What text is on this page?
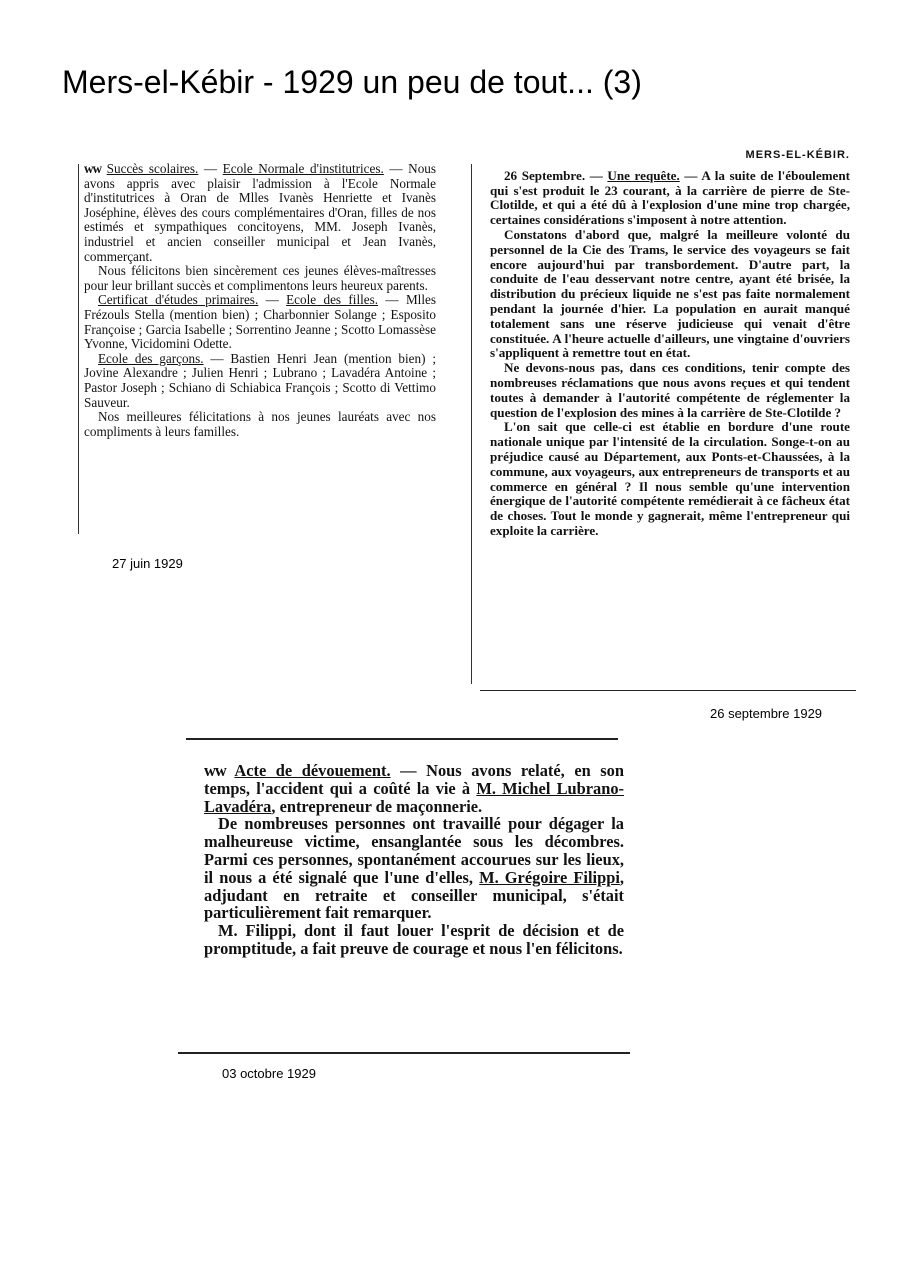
Mers-el-Kébir - 1929 un peu de tout... (3)

ww Succès scolaires. — Ecole Normale d'institutrices. — Nous avons appris avec plaisir l'admission à l'Ecole Normale d'institutrices à Oran de Mlles Ivanès Henriette et Ivanès Joséphine, élèves des cours complémentaires d'Oran, filles de nos estimés et sympathiques concitoyens, MM. Joseph Ivanès, industriel et ancien conseiller municipal et Jean Ivanès, commerçant.

Nous félicitons bien sincèrement ces jeunes élèves-maîtresses pour leur brillant succès et complimentons leurs heureux parents.

Certificat d'études primaires. — Ecole des filles. — Mlles Frézouls Stella (mention bien) ; Charbonnier Solange ; Esposito Françoise ; Garcia Isabelle ; Sorrentino Jeanne ; Scotto Lomassèse Yvonne, Vicidomini Odette.

Ecole des garçons. — Bastien Henri Jean (mention bien) ; Jovine Alexandre ; Julien Henri ; Lubrano ; Lavadéra Antoine ; Pastor Joseph ; Schiano di Schiabica François ; Scotto di Vettimo Sauveur.

Nos meilleures félicitations à nos jeunes lauréats avec nos compliments à leurs familles.

27 juin 1929
MERS-EL-KÉBIR.

26 Septembre. — Une requête. — A la suite de l'éboulement qui s'est produit le 23 courant, à la carrière de pierre de Ste-Clotilde, et qui a été dû à l'explosion d'une mine trop chargée, certaines considérations s'imposent à notre attention.

Constatons d'abord que, malgré la meilleure volonté du personnel de la Cie des Trams, le service des voyageurs se fait encore aujourd'hui par transbordement. D'autre part, la conduite de l'eau desservant notre centre, ayant été brisée, la distribution du précieux liquide ne s'est pas faite normalement pendant la journée d'hier. La population en aurait manqué totalement sans une réserve judicieuse qui venait d'être constituée. A l'heure actuelle d'ailleurs, une vingtaine d'ouvriers s'appliquent à remettre tout en état.

Ne devons-nous pas, dans ces conditions, tenir compte des nombreuses réclamations que nous avons reçues et qui tendent toutes à demander à l'autorité compétente de réglementer la question de l'explosion des mines à la carrière de Ste-Clotilde ?

L'on sait que celle-ci est établie en bordure d'une route nationale unique par l'intensité de la circulation. Songe-t-on au préjudice causé au Département, aux Ponts-et-Chaussées, à la commune, aux voyageurs, aux entrepreneurs de transports et au commerce en général ? Il nous semble qu'une intervention énergique de l'autorité compétente remédierait à ce fâcheux état de choses. Tout le monde y gagnerait, même l'entrepreneur qui exploite la carrière.

26 septembre 1929

ww Acte de dévouement. — Nous avons relaté, en son temps, l'accident qui a coûté la vie à M. Michel Lubrano-Lavadéra, entrepreneur de maçonnerie.

De nombreuses personnes ont travaillé pour dégager la malheureuse victime, ensanglantée sous les décombres. Parmi ces personnes, spontanément accourues sur les lieux, il nous a été signalé que l'une d'elles, M. Grégoire Filippi, adjudant en retraite et conseiller municipal, s'était particulièrement fait remarquer.

M. Filippi, dont il faut louer l'esprit de décision et de promptitude, a fait preuve de courage et nous l'en félicitons.

03 octobre 1929
